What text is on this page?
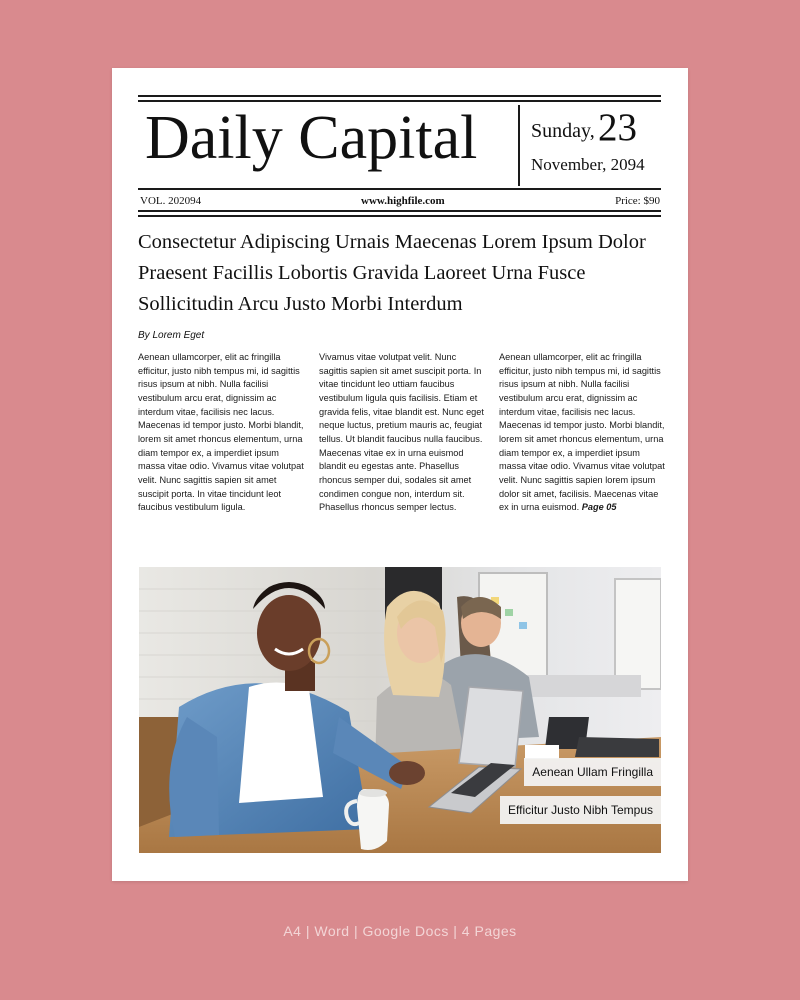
Daily Capital	Sunday, 23
November, 2094
VOL. 202094	www.highfile.com	Price: $90
Consectetur Adipiscing Urnais Maecenas Lorem Ipsum Dolor Praesent Facillis Lobortis Gravida Laoreet Urna Fusce Sollicitudin Arcu Justo Morbi Interdum
By Lorem Eget

Aenean ullamcorper, elit ac fringilla efficitur, justo nibh tempus mi, id sagittis risus ipsum at nibh. Nulla facilisi vestibulum arcu erat, dignissim ac interdum vitae, facilisis nec lacus. Maecenas id tempor justo. Morbi blandit, lorem sit amet rhoncus elementum, urna diam tempor ex, a imperdiet ipsum massa vitae odio. Vivamus vitae volutpat velit. Nunc sagittis sapien sit amet suscipit porta. In vitae tincidunt leot faucibus vestibulum ligula.

Vivamus vitae volutpat velit. Nunc sagittis sapien sit amet suscipit porta. In vitae tincidunt leo uttiam faucibus vestibulum ligula quis facilisis. Etiam et gravida felis, vitae blandit est. Nunc eget neque luctus, pretium mauris ac, feugiat tellus. Ut blandit faucibus nulla faucibus. Maecenas vitae ex in urna euismod blandit eu egestas ante. Phasellus rhoncus semper dui, sodales sit amet condimen congue non, interdum sit. Phasellus rhoncus semper lectus.

Aenean ullamcorper, elit ac fringilla efficitur, justo nibh tempus mi, id sagittis risus ipsum at nibh. Nulla facilisi vestibulum arcu erat, dignissim ac interdum vitae, facilisis nec lacus. Maecenas id tempor justo. Morbi blandit, lorem sit amet rhoncus elementum, urna diam tempor ex, a imperdiet ipsum massa vitae odio. Vivamus vitae volutpat velit. Nunc sagittis sapien lorem ipsum dolor sit amet, facilisis. Maecenas vitae ex in urna euismod. Page 05

Aenean Ullam Fringilla
Efficitur Justo Nibh Tempus
A4 | Word | Google Docs | 4 Pages
